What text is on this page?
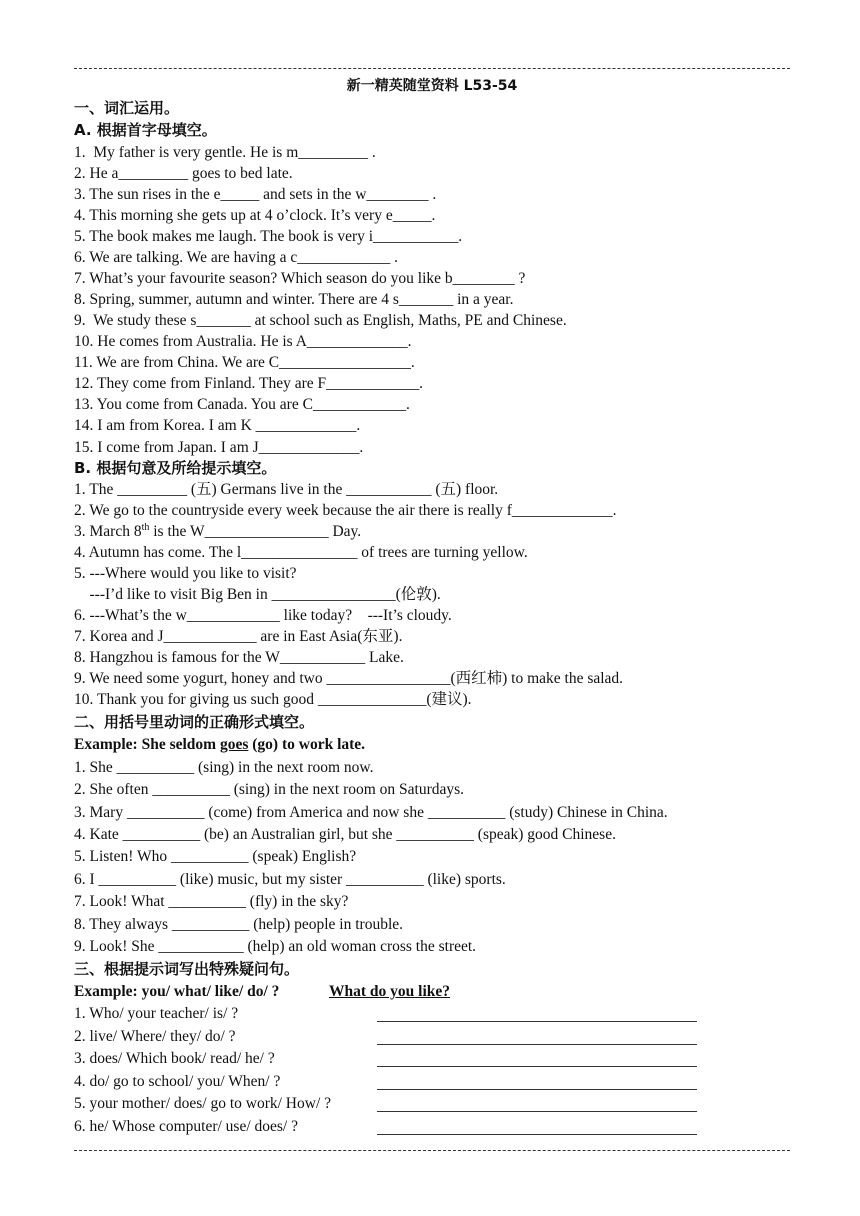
新一精英随堂资料 L53-54
一、词汇运用。
A. 根据首字母填空。
1.  My father is very gentle. He is m_________ .
2. He a_________ goes to bed late.
3. The sun rises in the e_____ and sets in the w________ .
4. This morning she gets up at 4 o’clock. It’s very e_____.
5. The book makes me laugh. The book is very i___________.
6. We are talking. We are having a c____________ .
7. What’s your favourite season? Which season do you like b________ ?
8. Spring, summer, autumn and winter. There are 4 s_______ in a year.
9.  We study these s_______ at school such as English, Maths, PE and Chinese.
10. He comes from Australia. He is A_____________.
11. We are from China. We are C_________________.
12. They come from Finland. They are F____________.
13. You come from Canada. You are C____________.
14. I am from Korea. I am K _____________.
15. I come from Japan. I am J_____________.
B. 根据句意及所给提示填空。
1. The _________ (五) Germans live in the ___________ (五) floor.
2. We go to the countryside every week because the air there is really f_____________.
3. March 8th is the W________________ Day.
4. Autumn has come. The l_______________ of trees are turning yellow.
5. ---Where would you like to visit?
---I’d like to visit Big Ben in ________________(伦敦).
6. ---What’s the w____________ like today?    ---It’s cloudy.
7. Korea and J____________ are in East Asia(东亚).
8. Hangzhou is famous for the W___________ Lake.
9. We need some yogurt, honey and two ________________(西红柿) to make the salad.
10. Thank you for giving us such good ______________(建议).
二、用括号里动词的正确形式填空。
Example: She seldom goes (go) to work late.
1. She __________ (sing) in the next room now.
2. She often __________ (sing) in the next room on Saturdays.
3. Mary __________ (come) from America and now she __________ (study) Chinese in China.
4. Kate __________ (be) an Australian girl, but she __________ (speak) good Chinese.
5. Listen! Who __________ (speak) English?
6. I __________ (like) music, but my sister __________ (like) sports.
7. Look! What __________ (fly) in the sky?
8. They always __________ (help) people in trouble.
9. Look! She ___________ (help) an old woman cross the street.
三、根据提示词写出特殊疑问句。
Example: you/ what/ like/ do/ ?	What do you like?
1. Who/ your teacher/ is/ ?
2. live/ Where/ they/ do/ ?
3. does/ Which book/ read/ he/ ?
4. do/ go to school/ you/ When/ ?
5. your mother/ does/ go to work/ How/ ?
6. he/ Whose computer/ use/ does/ ?
